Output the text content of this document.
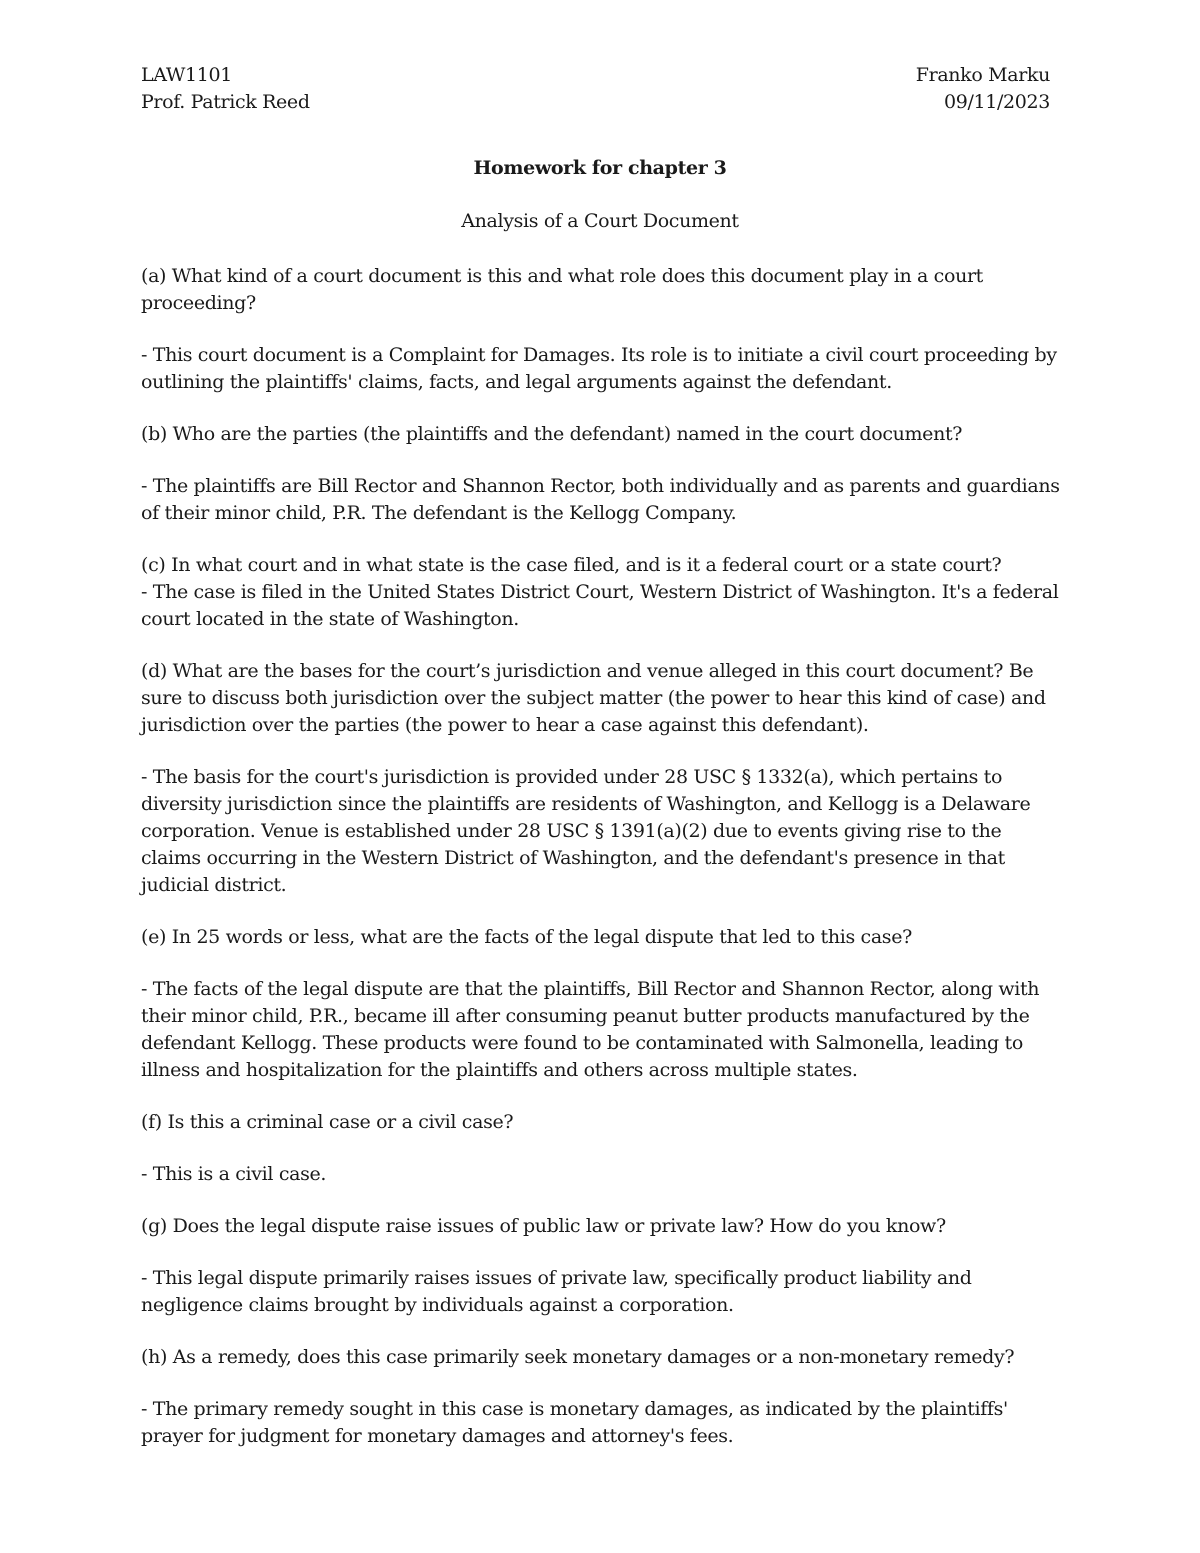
LAW1101	Franko Marku
Prof. Patrick Reed	09/11/2023
Homework for chapter 3
Analysis of a Court Document

(a) What kind of a court document is this and what role does this document play in a court proceeding?

- This court document is a Complaint for Damages. Its role is to initiate a civil court proceeding by outlining the plaintiffs' claims, facts, and legal arguments against the defendant.

(b) Who are the parties (the plaintiffs and the defendant) named in the court document?

- The plaintiffs are Bill Rector and Shannon Rector, both individually and as parents and guardians of their minor child, P.R. The defendant is the Kellogg Company.

(c) In what court and in what state is the case filed, and is it a federal court or a state court?

- The case is filed in the United States District Court, Western District of Washington. It's a federal court located in the state of Washington.

(d) What are the bases for the court’s jurisdiction and venue alleged in this court document? Be sure to discuss both jurisdiction over the subject matter (the power to hear this kind of case) and jurisdiction over the parties (the power to hear a case against this defendant).

- The basis for the court's jurisdiction is provided under 28 USC § 1332(a), which pertains to diversity jurisdiction since the plaintiffs are residents of Washington, and Kellogg is a Delaware corporation. Venue is established under 28 USC § 1391(a)(2) due to events giving rise to the claims occurring in the Western District of Washington, and the defendant's presence in that judicial district.

(e) In 25 words or less, what are the facts of the legal dispute that led to this case?

- The facts of the legal dispute are that the plaintiffs, Bill Rector and Shannon Rector, along with their minor child, P.R., became ill after consuming peanut butter products manufactured by the defendant Kellogg. These products were found to be contaminated with Salmonella, leading to illness and hospitalization for the plaintiffs and others across multiple states.

(f) Is this a criminal case or a civil case?

- This is a civil case.

(g) Does the legal dispute raise issues of public law or private law? How do you know?

- This legal dispute primarily raises issues of private law, specifically product liability and negligence claims brought by individuals against a corporation.

(h) As a remedy, does this case primarily seek monetary damages or a non-monetary remedy?

- The primary remedy sought in this case is monetary damages, as indicated by the plaintiffs' prayer for judgment for monetary damages and attorney's fees.
